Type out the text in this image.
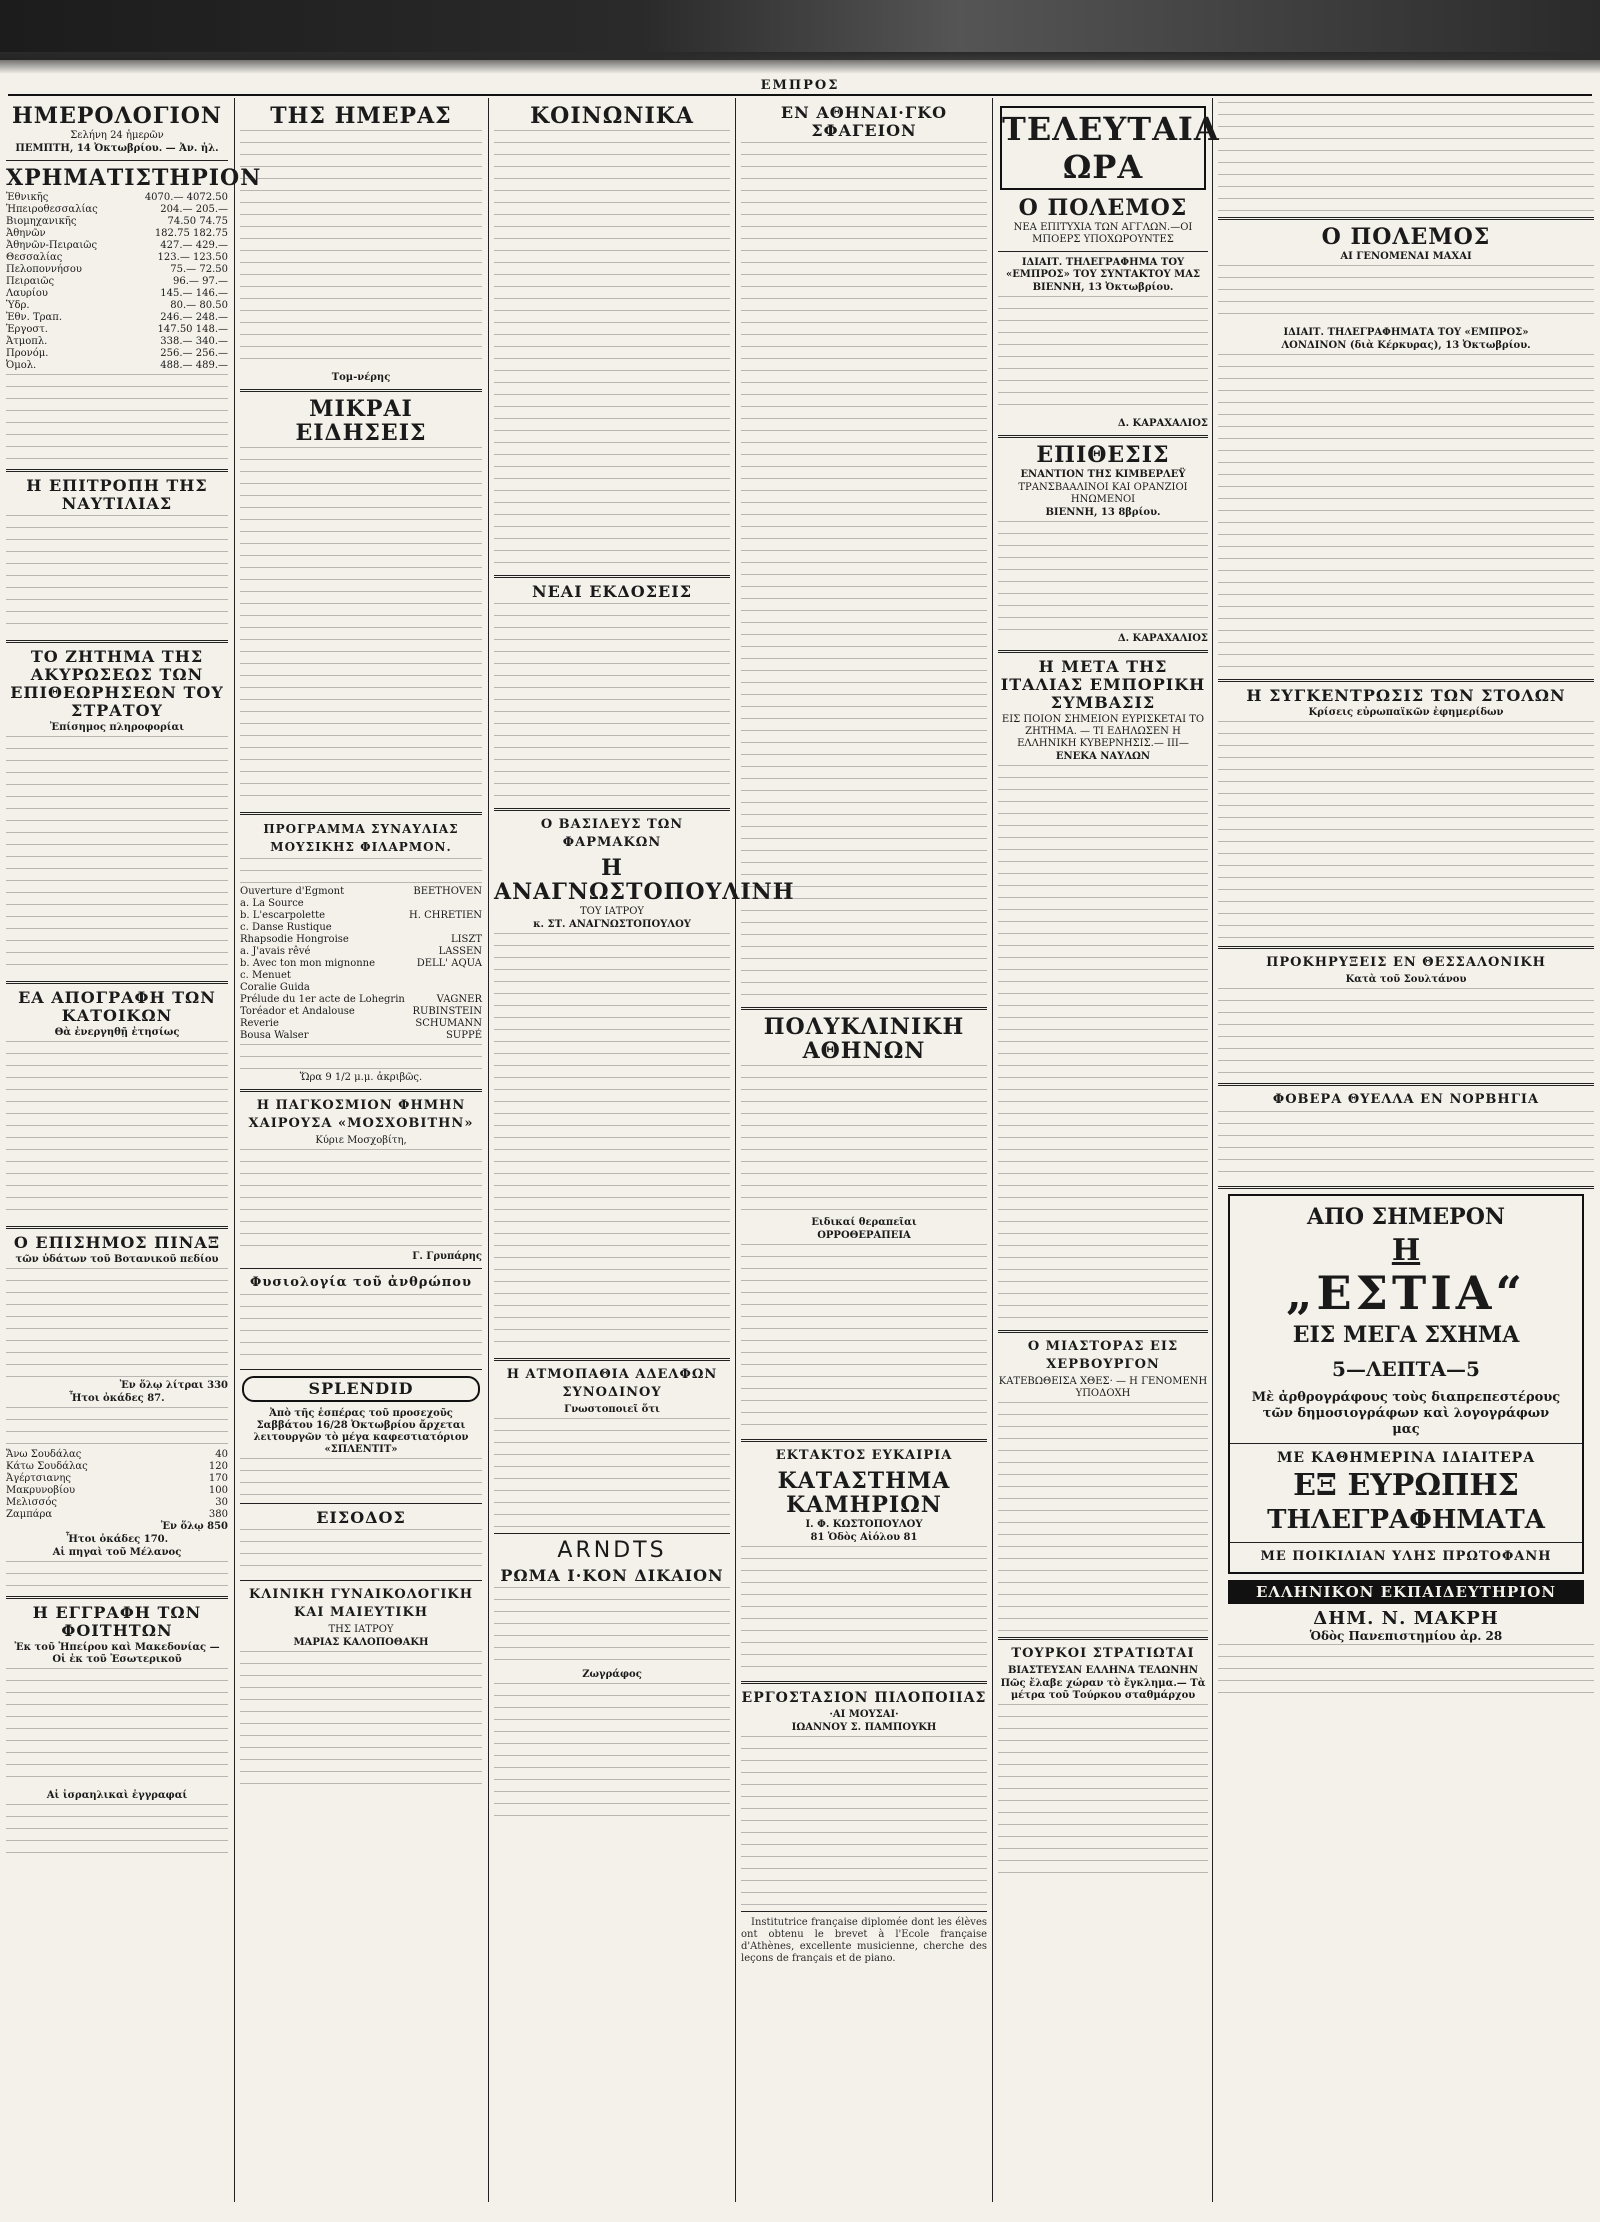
ΕΜΠΡΟΣ
ΗΜΕΡΟΛΟΓΙΟΝ
Σελήνη 24 ἡμερῶν
ΠΕΜΠΤΗ, 14 Ὀκτωβρίου. — Ἀν. ἡλ.
ΧΡΗΜΑΤΙΣΤΗΡΙΟΝ
Ἐθνικῆς	4070.— 4072.50
Ἠπειροθεσσαλίας	204.— 205.—
Βιομηχανικῆς	74.50 74.75
Ἀθηνῶν	182.75 182.75
Ἀθηνῶν-Πειραιῶς	427.— 429.—
Θεσσαλίας	123.— 123.50
Πελοποννήσου	75.— 72.50
Πειραιῶς	96.— 97.—
Λαυρίου	145.— 146.—
Ὑδρ.	80.— 80.50
Ἐθν. Τραπ.	246.— 248.—
Ἐργοστ.	147.50 148.—
Ἀτμοπλ.	338.— 340.—
Προνόμ.	256.— 256.—
Ὀμολ.	488.— 489.—
Η ΕΠΙΤΡΟΠΗ ΤΗΣ ΝΑΥΤΙΛΙΑΣ
ΤΟ ΖΗΤΗΜΑ ΤΗΣ ΑΚΥΡΩΣΕΩΣ ΤΩΝ ΕΠΙΘΕΩΡΗΣΕΩΝ ΤΟΥ ΣΤΡΑΤΟΥ
Ἐπίσημος πληροφορίαι
ΕΑ ΑΠΟΓΡΑΦΗ ΤΩΝ ΚΑΤΟΙΚΩΝ
Θὰ ἐνεργηθῇ ἐτησίως
Ο ΕΠΙΣΗΜΟΣ ΠΙΝΑΞ
τῶν ὑδάτων τοῦ Βοτανικοῦ πεδίου
Ἐν ὅλῳ λίτραι 330
Ἦτοι ὀκάδες 87.
Ἄνω Σουδάλας	40
Κάτω Σουδάλας	120
Ἀγέρτσιανης	170
Μακρυνοβίου	100
Μελισσός	30
Ζαμπάρα	380
Ἐν ὅλῳ 850
Ἦτοι ὀκάδες 170.
Αἱ πηγαὶ τοῦ Μέλανος
Η ΕΓΓΡΑΦΗ ΤΩΝ ΦΟΙΤΗΤΩΝ
Ἐκ τοῦ Ἠπείρου καὶ Μακεδονίας — Οἱ ἐκ τοῦ Ἐσωτερικοῦ
Αἱ ἰσραηλικαὶ ἐγγραφαί
ΤΗΣ ΗΜΕΡΑΣ
Τομ-νέρης
ΜΙΚΡΑΙ ΕΙΔΗΣΕΙΣ
ΠΡΟΓΡΑΜΜΑ ΣΥΝΑΥΛΙΑΣ ΜΟΥΣΙΚΗΣ ΦΙΛΑΡΜΟΝ.
Ouverture d'Egmont	BEETHOVEN
a. La Source
b. L'escarpolette	H. CHRETIEN
c. Danse Rustique
Rhapsodie Hongroise	LISZT
a. J'avais rêvé	LASSEN
b. Avec ton mon mignonne	DELL' AQUA
c. Menuet
Coralie Guida
Prélude du 1er acte de Lohegrin	VAGNER
Toréador et Andalouse	RUBINSTEIN
Reverie	SCHUMANN
Bousa Walser	SUPPÉ
Ὥρα 9 1/2 μ.μ. ἀκριβῶς.
Η ΠΑΓΚΟΣΜΙΟΝ ΦΗΜΗΝ ΧΑΙΡΟΥΣΑ «ΜΟΣΧΟΒΙΤΗΝ»
Κύριε Μοσχοβίτη,
Γ. Γρυπάρης
Φυσιολογία τοῦ ἀνθρώπου
SPLENDID
Ἀπὸ τῆς ἑσπέρας τοῦ προσεχοῦς Σαββάτου 16/28 Ὀκτωβρίου ἄρχεται λειτουργῶν τὸ μέγα καφεστιατόριον «ΣΠΛΕΝΤΙΤ»
ΕΙΣΟΔΟΣ
ΚΛΙΝΙΚΗ ΓΥΝΑΙΚΟΛΟΓΙΚΗ ΚΑΙ ΜΑΙΕΥΤΙΚΗ
ΤΗΣ ΙΑΤΡΟΥ
ΜΑΡΙΑΣ ΚΑΛΟΠΟΘΑΚΗ
ΚΟΙΝΩΝΙΚΑ
ΝΕΑΙ ΕΚΔΟΣΕΙΣ
Ο ΒΑΣΙΛΕΥΣ ΤΩΝ ΦΑΡΜΑΚΩΝ
Η ΑΝΑΓΝΩΣΤΟΠΟΥΛΙΝΗ
ΤΟΥ ΙΑΤΡΟΥ
κ. ΣΤ. ΑΝΑΓΝΩΣΤΟΠΟΥΛΟΥ
Η ΑΤΜΟΠΑΘΙΑ ΑΔΕΛΦΩΝ ΣΥΝΟΔΙΝΟΥ
Γνωστοποιεῖ ὅτι
ARNDTS
ΡΩΜΑ Ι·ΚΟΝ ΔΙΚΑΙΟΝ
Ζωγράφος
ΕΝ ΑΘΗΝΑΙ·ΓΚΟ ΣΦΑΓΕΙΟΝ
ΠΟΛΥΚΛΙΝΙΚΗ ΑΘΗΝΩΝ
Ειδικαί θεραπεῖαι
ΟΡΡΟΘΕΡΑΠΕΙΑ
ΕΚΤΑΚΤΟΣ ΕΥΚΑΙΡΙΑ
ΚΑΤΑΣΤΗΜΑ ΚΑΜΗΡΙΩΝ
Ι. Φ. ΚΩΣΤΟΠΟΥΛΟΥ
81 Ὁδὸς Αἰόλου 81
ΕΡΓΟΣΤΑΣΙΟΝ ΠΙΛΟΠΟΙΙΑΣ
·ΑΙ ΜΟΥΣΑΙ·
ΙΩΑΝΝΟΥ Σ. ΠΑΜΠΟΥΚΗ

Institutrice française diplomée dont les élèves ont obtenu le brevet à l'Ecole française d'Athènes, excellente musicienne, cherche des leçons de français et de piano.

ΤΕΛΕΥΤΑΙΑ ΩΡΑ
Ο ΠΟΛΕΜΟΣ
ΝΕΑ ΕΠΙΤΥΧΙΑ ΤΩΝ ΑΓΓΛΩΝ.—ΟΙ ΜΠΟΕΡΣ ΥΠΟΧΩΡΟΥΝΤΕΣ
ΙΔΙΑΙΤ. ΤΗΛΕΓΡΑΦΗΜΑ ΤΟΥ «ΕΜΠΡΟΣ» ΤΟΥ ΣΥΝΤΑΚΤΟΥ ΜΑΣ
ΒΙΕΝΝΗ, 13 Ὀκτωβρίου.
Δ. ΚΑΡΑΧΑΛΙΟΣ
ΕΠΙΘΕΣΙΣ
ΕΝΑΝΤΙΟΝ ΤΗΣ ΚΙΜΒΕΡΛΕΫ
ΤΡΑΝΣΒΑΑΛΙΝΟΙ ΚΑΙ ΟΡΑΝΖΙΟΙ ΗΝΩΜΕΝΟΙ
ΒΙΕΝΝΗ, 13 8βρίου.
Δ. ΚΑΡΑΧΑΛΙΟΣ
Η ΜΕΤΑ ΤΗΣ ΙΤΑΛΙΑΣ ΕΜΠΟΡΙΚΗ ΣΥΜΒΑΣΙΣ
ΕΙΣ ΠΟΙΟΝ ΣΗΜΕΙΟΝ ΕΥΡΙΣΚΕΤΑΙ ΤΟ ΖΗΤΗΜΑ. — ΤΙ ΕΔΗΛΩΣΕΝ Η ΕΛΛΗΝΙΚΗ ΚΥΒΕΡΝΗΣΙΣ.— ΙΙΙ—
ΕΝΕΚΑ ΝΑΥΛΩΝ
Ο ΜΙΑΣΤΟΡΑΣ ΕΙΣ ΧΕΡΒΟΥΡΓΟΝ
ΚΑΤΕΒΩΘΕΙΣΑ ΧΘΕΣ· — Η ΓΕΝΟΜΕΝΗ ΥΠΟΔΟΧΗ
ΤΟΥΡΚΟΙ ΣΤΡΑΤΙΩΤΑΙ
ΒΙΑΣΤΕΥΣΑΝ ΕΛΛΗΝΑ ΤΕΛΩΝΗΝ
Πῶς ἔλαβε χώραν τὸ ἔγκλημα.— Τὰ μέτρα τοῦ Τούρκου σταθμάρχου
Ο ΠΟΛΕΜΟΣ
ΑΙ ΓΕΝΟΜΕΝΑΙ ΜΑΧΑΙ
ΙΔΙΑΙΤ. ΤΗΛΕΓΡΑΦΗΜΑΤΑ ΤΟΥ «ΕΜΠΡΟΣ»
ΛΟΝΔΙΝΟΝ (διὰ Κέρκυρας), 13 Ὀκτωβρίου.
Η ΣΥΓΚΕΝΤΡΩΣΙΣ ΤΩΝ ΣΤΟΛΩΝ
Κρίσεις εὐρωπαϊκῶν ἐφημερίδων
ΠΡΟΚΗΡΥΞΕΙΣ ΕΝ ΘΕΣΣΑΛΟΝΙΚΗ
Κατὰ τοῦ Σουλτάνου
ΦΟΒΕΡΑ ΘΥΕΛΛΑ ΕΝ ΝΟΡΒΗΓΙΑ
ΑΠΟ ΣΗΜΕΡΟΝ
Η
„ΕΣΤΙΑ“
ΕΙΣ ΜΕΓΑ ΣΧΗΜΑ
5—ΛΕΠΤΑ—5
Μὲ ἀρθρογράφους τοὺς διαπρεπεστέρους τῶν δημοσιογράφων καὶ λογογράφων μας
ΜΕ ΚΑΘΗΜΕΡΙΝΑ ΙΔΙΑΙΤΕΡΑ
ΕΞ ΕΥΡΩΠΗΣ
ΤΗΛΕΓΡΑΦΗΜΑΤΑ
ΜΕ ΠΟΙΚΙΛΙΑΝ ΥΛΗΣ ΠΡΩΤΟΦΑΝΗ
ΕΛΛΗΝΙΚΟΝ ΕΚΠΑΙΔΕΥΤΗΡΙΟΝ
ΔΗΜ. Ν. ΜΑΚΡΗ
Ὁδὸς Πανεπιστημίου ἀρ. 28
